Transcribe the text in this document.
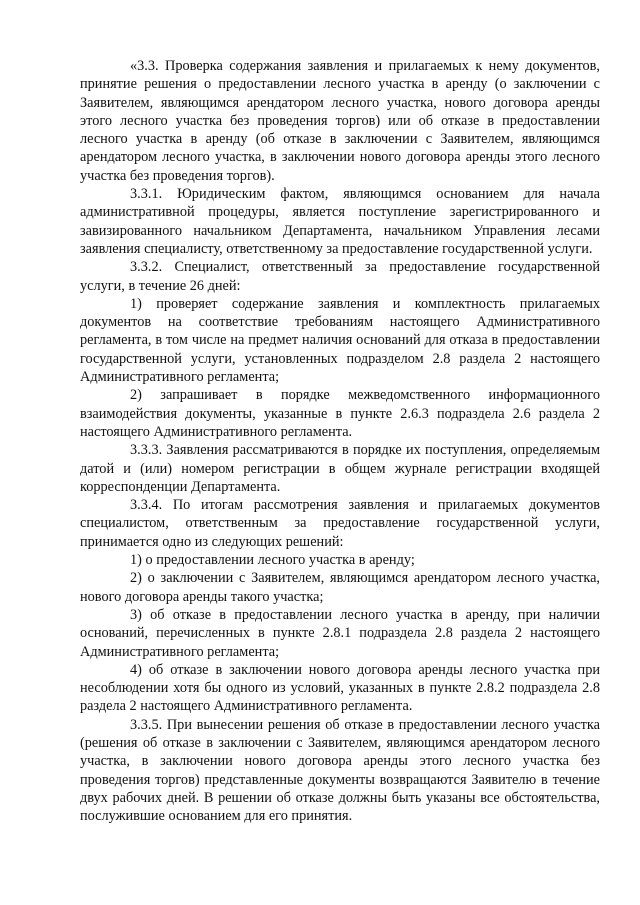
«3.3. Проверка содержания заявления и прилагаемых к нему документов, принятие решения о предоставлении лесного участка в аренду (о заключении с Заявителем, являющимся арендатором лесного участка, нового договора аренды этого лесного участка без проведения торгов) или об отказе в предоставлении лесного участка в аренду (об отказе в заключении с Заявителем, являющимся арендатором лесного участка, в заключении нового договора аренды этого лесного участка без проведения торгов).

3.3.1. Юридическим фактом, являющимся основанием для начала административной процедуры, является поступление зарегистрированного и завизированного начальником Департамента, начальником Управления лесами заявления специалисту, ответственному за предоставление государственной услуги.

3.3.2. Специалист, ответственный за предоставление государственной услуги, в течение 26 дней:

1) проверяет содержание заявления и комплектность прилагаемых документов на соответствие требованиям настоящего Административного регламента, в том числе на предмет наличия оснований для отказа в предоставлении государственной услуги, установленных подразделом 2.8 раздела 2 настоящего Административного регламента;

2) запрашивает в порядке межведомственного информационного взаимодействия документы, указанные в пункте 2.6.3 подраздела 2.6 раздела 2 настоящего Административного регламента.

3.3.3. Заявления рассматриваются в порядке их поступления, определяемым датой и (или) номером регистрации в общем журнале регистрации входящей корреспонденции Департамента.

3.3.4. По итогам рассмотрения заявления и прилагаемых документов специалистом, ответственным за предоставление государственной услуги, принимается одно из следующих решений:

1) о предоставлении лесного участка в аренду;

2) о заключении с Заявителем, являющимся арендатором лесного участка, нового договора аренды такого участка;

3) об отказе в предоставлении лесного участка в аренду, при наличии оснований, перечисленных в пункте 2.8.1 подраздела 2.8 раздела 2 настоящего Административного регламента;

4) об отказе в заключении нового договора аренды лесного участка при несоблюдении хотя бы одного из условий, указанных в пункте 2.8.2 подраздела 2.8 раздела 2 настоящего Административного регламента.

3.3.5. При вынесении решения об отказе в предоставлении лесного участка (решения об отказе в заключении с Заявителем, являющимся арендатором лесного участка, в заключении нового договора аренды этого лесного участка без проведения торгов) представленные документы возвращаются Заявителю в течение двух рабочих дней. В решении об отказе должны быть указаны все обстоятельства, послужившие основанием для его принятия.
